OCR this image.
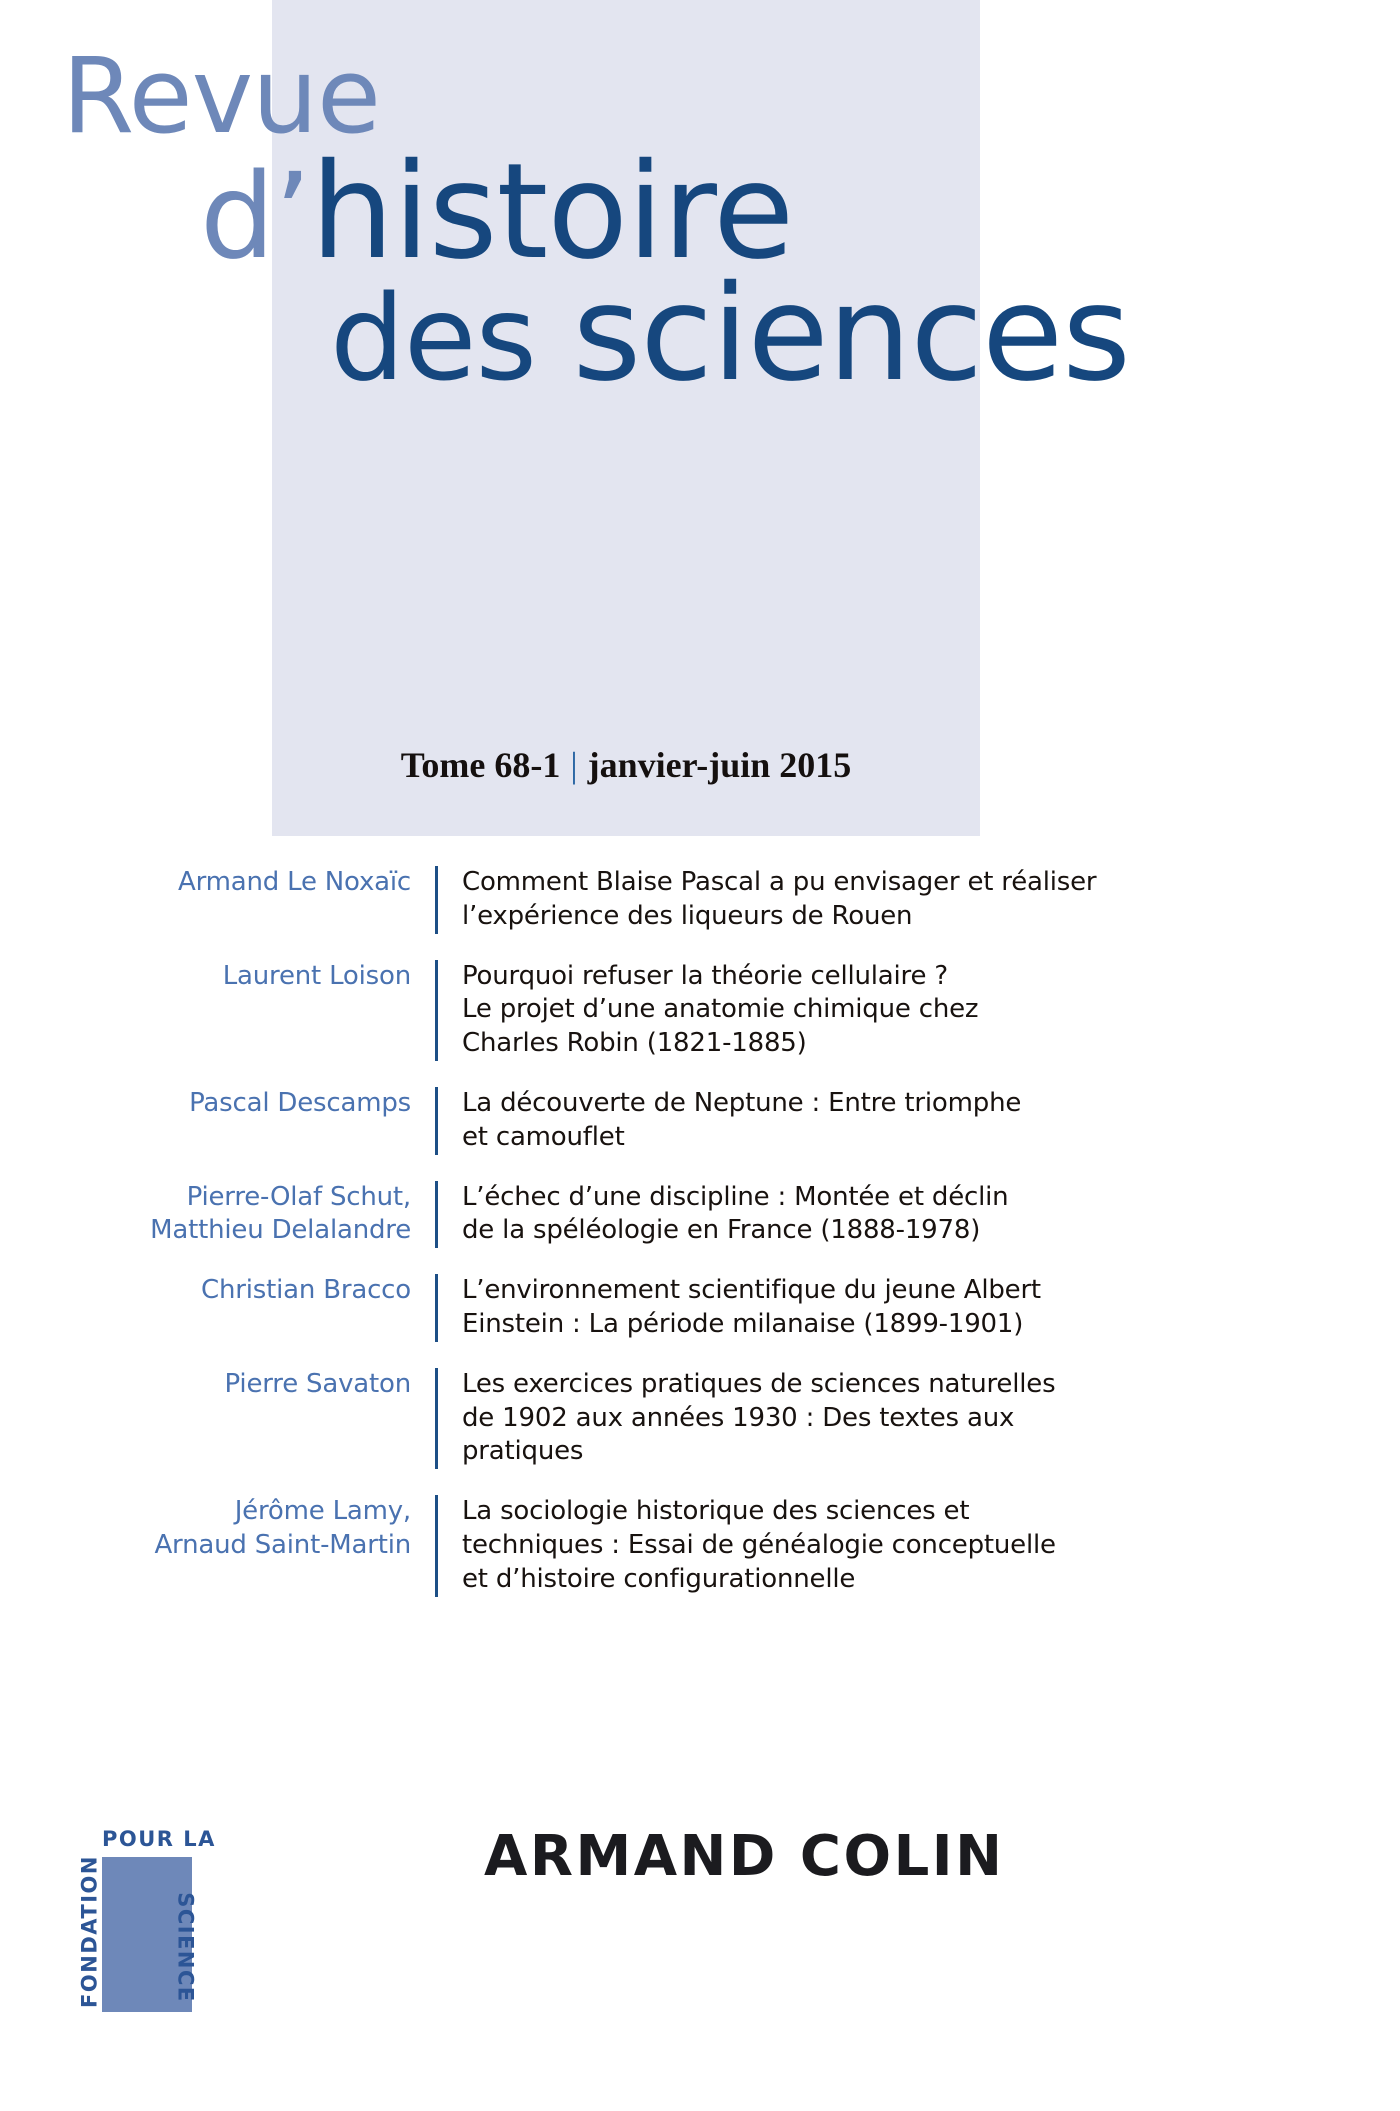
Revue
d’histoire
des sciences
Tome 68-1 | janvier-juin 2015
Armand Le Noxaïc Comment Blaise Pascal a pu envisager et réaliser
l’expérience des liqueurs de Rouen
Laurent Loison Pourquoi refuser la théorie cellulaire ?
Le projet d’une anatomie chimique chez
Charles Robin (1821-1885)
Pascal Descamps La découverte de Neptune : Entre triomphe
et camouflet
Pierre-Olaf Schut,
Matthieu Delalandre
L’échec d’une discipline : Montée et déclin
de la spéléologie en France (1888-1978)
Christian Bracco L’environnement scientifique du jeune Albert
Einstein : La période milanaise (1899-1901)
Pierre Savaton Les exercices pratiques de sciences naturelles
de 1902 aux années 1930 : Des textes aux
pratiques
Jérôme Lamy,
Arnaud Saint-Martin
La sociologie historique des sciences et
techniques : Essai de généalogie conceptuelle
et d’histoire configurationnelle
POUR LA
FONDATION	SCIENCE
ARMAND COLIN
